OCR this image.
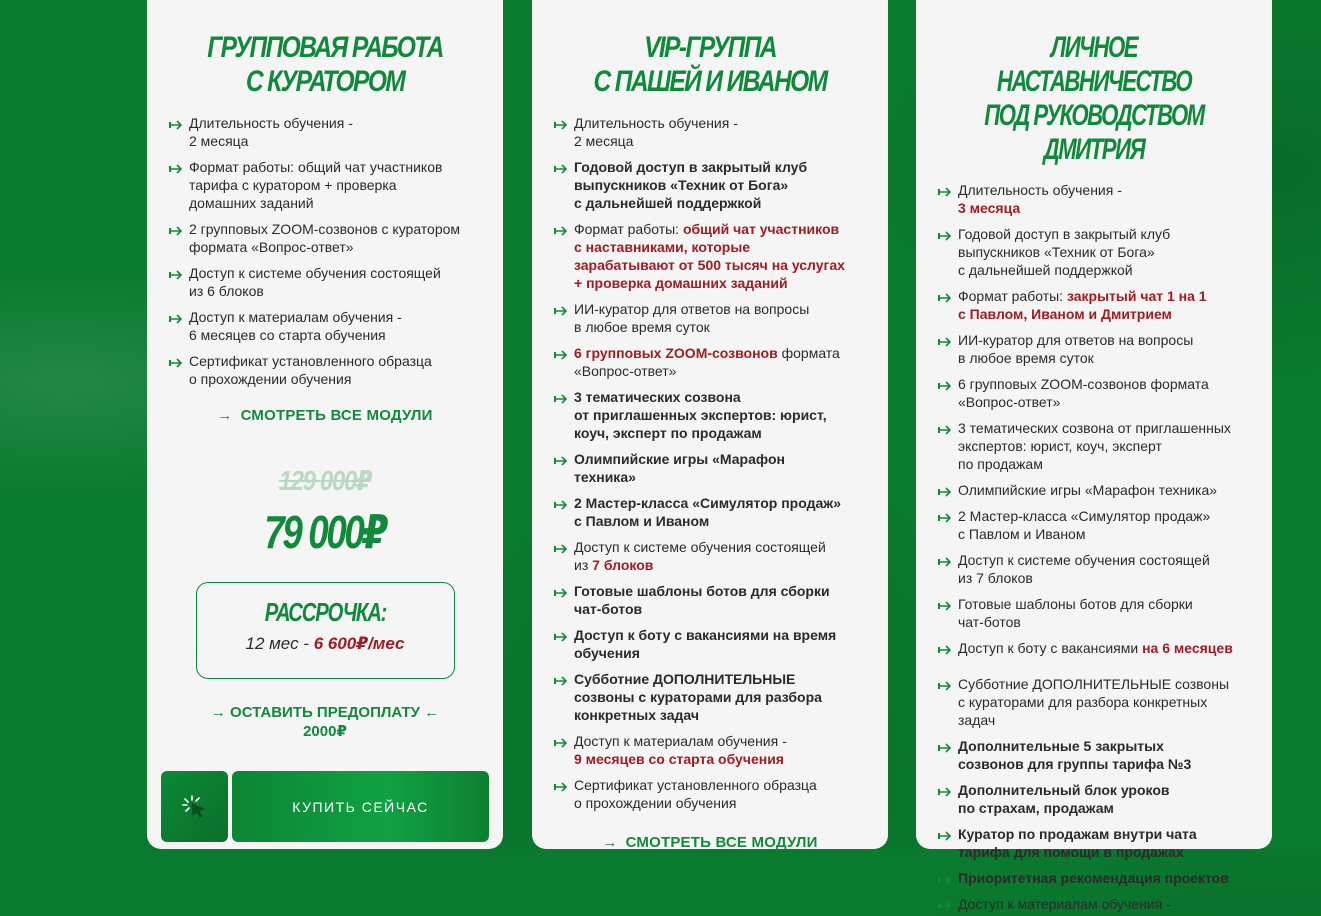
ГРУППОВАЯ РАБОТА
С КУРАТОРОМ
Длительность обучения -
2 месяца
Формат работы: общий чат участников
тарифа с куратором + проверка
домашних заданий
2 групповых ZOOM-созвонов с куратором
формата «Вопрос-ответ»
Доступ к системе обучения состоящей
из 6 блоков
Доступ к материалам обучения -
6 месяцев со старта обучения
Сертификат установленного образца
о прохождении обучения
→ СМОТРЕТЬ ВСЕ МОДУЛИ
129 000₽
79 000₽
РАССРОЧКА:
12 мес - 6 600₽/мес
→ ОСТАВИТЬ ПРЕДОПЛАТУ ←
2000₽
КУПИТЬ СЕЙЧАС
VIP-ГРУППА
С ПАШЕЙ И ИВАНОМ
Длительность обучения -
2 месяца
Годовой доступ в закрытый клуб
выпускников «Техник от Бога»
с дальнейшей поддержкой
Формат работы: общий чат участников
с наставниками, которые
зарабатывают от 500 тысяч на услугах
+ проверка домашних заданий
ИИ-куратор для ответов на вопросы
в любое время суток
6 групповых ZOOM-созвонов формата
«Вопрос-ответ»
3 тематических созвона
от приглашенных экспертов: юрист,
коуч, эксперт по продажам
Олимпийские игры «Марафон
техника»
2 Мастер-класса «Симулятор продаж»
с Павлом и Иваном
Доступ к системе обучения состоящей
из 7 блоков
Готовые шаблоны ботов для сборки
чат-ботов
Доступ к боту с вакансиями на время
обучения
Субботние ДОПОЛНИТЕЛЬНЫЕ
созвоны с кураторами для разбора
конкретных задач
Доступ к материалам обучения -
9 месяцев со старта обучения
Сертификат установленного образца
о прохождении обучения
→ СМОТРЕТЬ ВСЕ МОДУЛИ
ЛИЧНОЕ НАСТАВНИЧЕСТВО
ПОД РУКОВОДСТВОМ ДМИТРИЯ
Длительность обучения -
3 месяца
Годовой доступ в закрытый клуб
выпускников «Техник от Бога»
с дальнейшей поддержкой
Формат работы: закрытый чат 1 на 1
с Павлом, Иваном и Дмитрием
ИИ-куратор для ответов на вопросы
в любое время суток
6 групповых ZOOM-созвонов формата
«Вопрос-ответ»
3 тематических созвона от приглашенных
экспертов: юрист, коуч, эксперт
по продажам
Олимпийские игры «Марафон техника»
2 Мастер-класса «Симулятор продаж»
с Павлом и Иваном
Доступ к системе обучения состоящей
из 7 блоков
Готовые шаблоны ботов для сборки
чат-ботов
Доступ к боту с вакансиями на 6 месяцев
Субботние ДОПОЛНИТЕЛЬНЫЕ созвоны
с кураторами для разбора конкретных
задач
Дополнительные 5 закрытых
созвонов для группы тарифа №3
Дополнительный блок уроков
по страхам, продажам
Куратор по продажам внутри чата
тарифа для помощи в продажах
Приоритетная рекомендация проектов
Доступ к материалам обучения -
